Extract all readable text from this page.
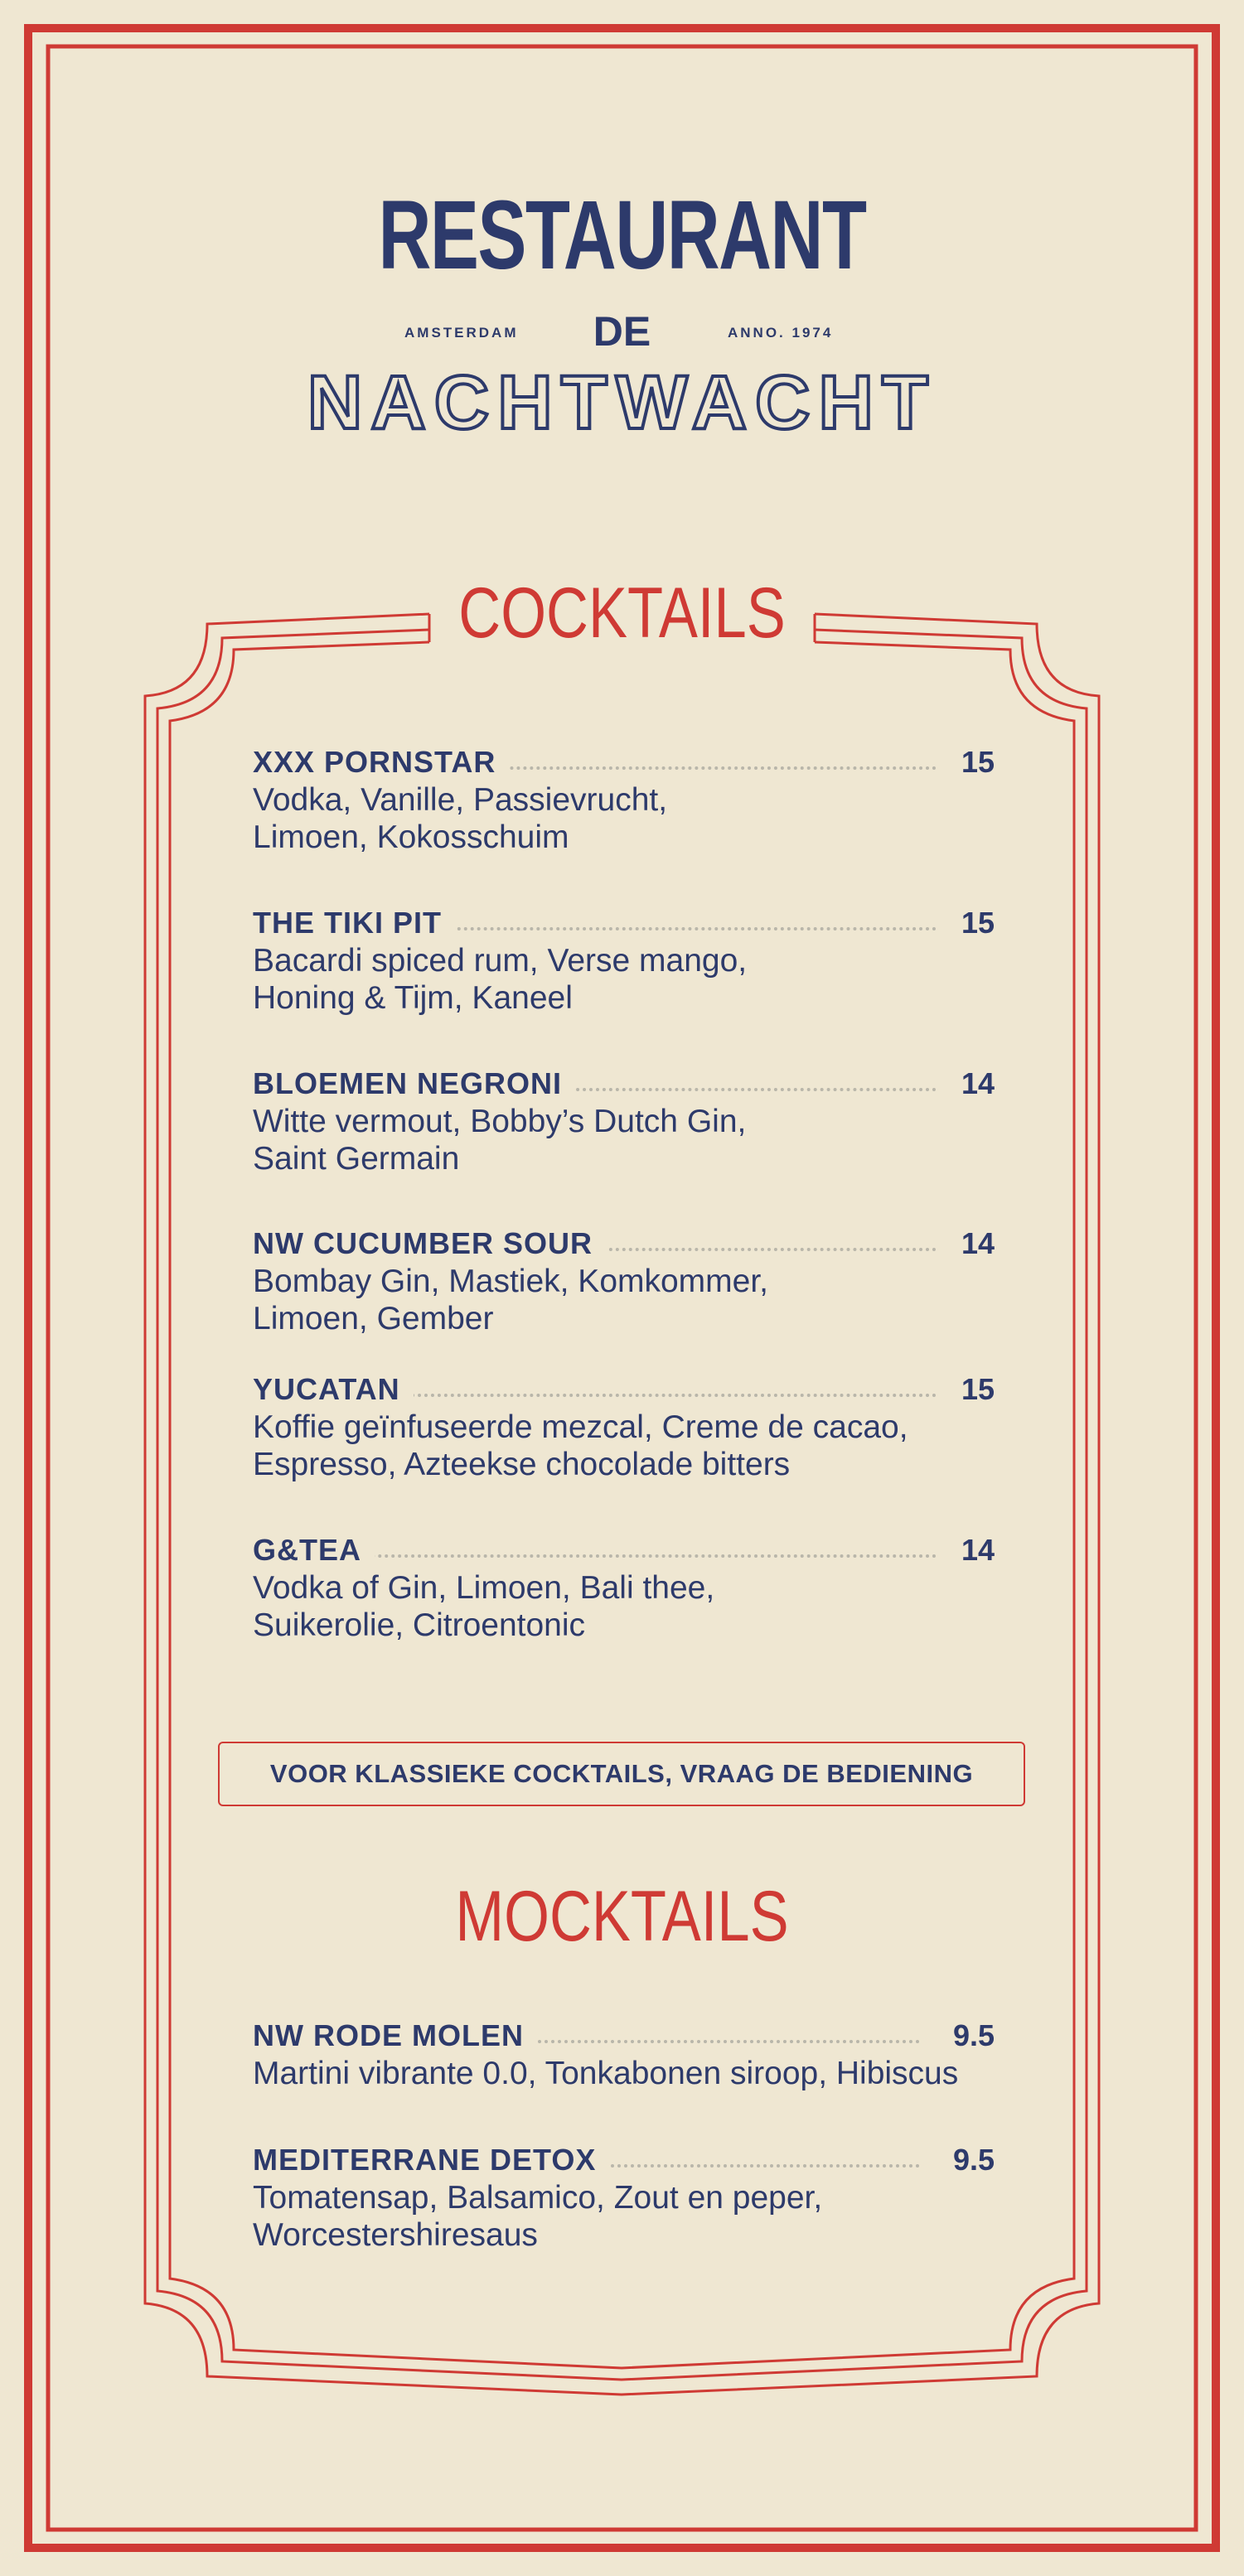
RESTAURANT
AMSTERDAM	DE	ANNO. 1974
NACHTWACHT
COCKTAILS
XXX PORNSTAR	15
Vodka, Vanille, Passievrucht,
Limoen, Kokosschuim
THE TIKI PIT	15
Bacardi spiced rum, Verse mango,
Honing & Tijm, Kaneel
BLOEMEN NEGRONI	14
Witte vermout, Bobby’s Dutch Gin,
Saint Germain
NW CUCUMBER SOUR	14
Bombay Gin, Mastiek, Komkommer,
Limoen, Gember
YUCATAN	15
Koffie geïnfuseerde mezcal, Creme de cacao,
Espresso, Azteekse chocolade bitters
G&TEA	14
Vodka of Gin, Limoen, Bali thee,
Suikerolie, Citroentonic
VOOR KLASSIEKE COCKTAILS, VRAAG DE BEDIENING
MOCKTAILS
NW RODE MOLEN	9.5
Martini vibrante 0.0, Tonkabonen siroop, Hibiscus
MEDITERRANE DETOX	9.5
Tomatensap, Balsamico, Zout en peper,
Worcestershiresaus
